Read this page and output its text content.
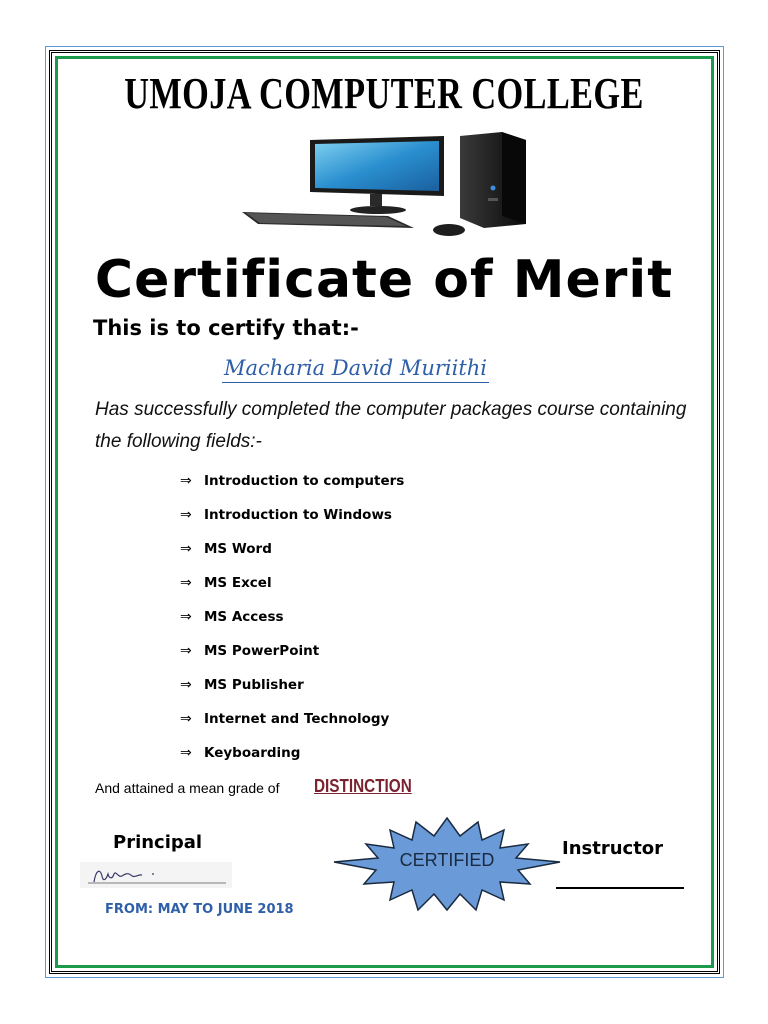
UMOJA COMPUTER COLLEGE
Certificate of Merit
This is to certify that:-
Macharia David Muriithi
Has successfully completed the computer packages course containing the following fields:-
⇒ Introduction to computers
⇒ Introduction to Windows
⇒ MS Word
⇒ MS Excel
⇒ MS Access
⇒ MS PowerPoint
⇒ MS Publisher
⇒ Internet and Technology
⇒ Keyboarding
And attained a mean grade of DISTINCTION
Principal
FROM: MAY TO JUNE 2018
CERTIFIED
Instructor
